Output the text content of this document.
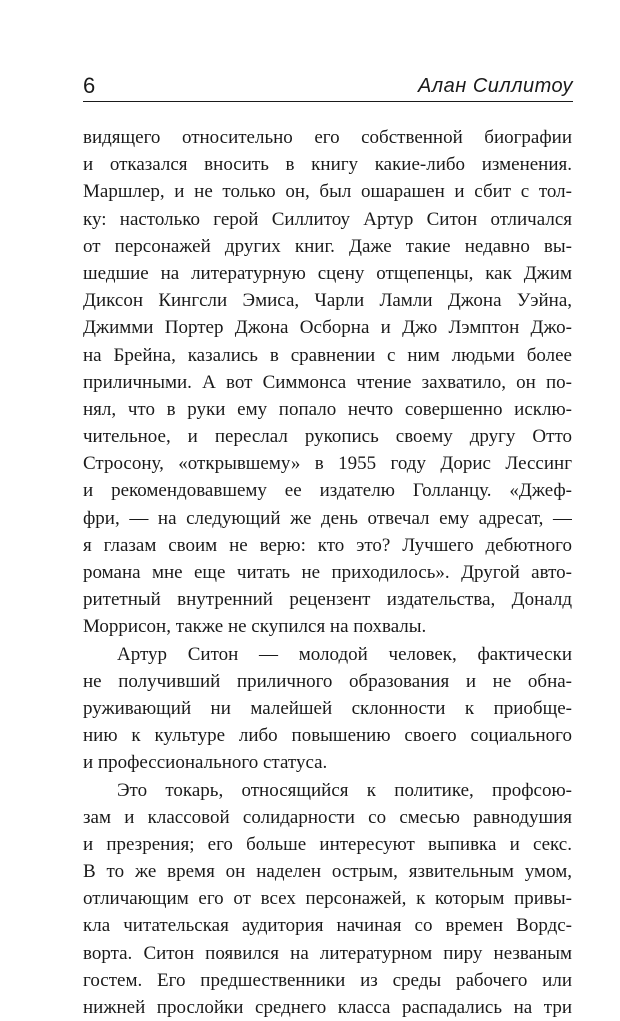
6	Алан Силлитоу
видящего относительно его собственной биографии
и отказался вносить в книгу какие-либо изменения.
Маршлер, и не только он, был ошарашен и сбит с тол-
ку: настолько герой Силлитоу Артур Ситон отличался
от персонажей других книг. Даже такие недавно вы-
шедшие на литературную сцену отщепенцы, как Джим
Диксон Кингсли Эмиса, Чарли Ламли Джона Уэйна,
Джимми Портер Джона Осборна и Джо Лэмптон Джо-
на Брейна, казались в сравнении с ним людьми более
приличными. А вот Симмонса чтение захватило, он по-
нял, что в руки ему попало нечто совершенно исклю-
чительное, и переслал рукопись своему другу Отто
Стросону, «открывшему» в 1955 году Дорис Лессинг
и рекомендовавшему ее издателю Голланцу. «Джеф-
фри, — на следующий же день отвечал ему адресат, —
я глазам своим не верю: кто это? Лучшего дебютного
романа мне еще читать не приходилось». Другой авто-
ритетный внутренний рецензент издательства, Доналд
Моррисон, также не скупился на похвалы.
Артур Ситон — молодой человек, фактически
не получивший приличного образования и не обна-
руживающий ни малейшей склонности к приобще-
нию к культуре либо повышению своего социального
и профессионального статуса.
Это токарь, относящийся к политике, профсою-
зам и классовой солидарности со смесью равнодушия
и презрения; его больше интересуют выпивка и секс.
В то же время он наделен острым, язвительным умом,
отличающим его от всех персонажей, к которым привы-
кла читательская аудитория начиная со времен Вордс-
ворта. Ситон появился на литературном пиру незваным
гостем. Его предшественники из среды рабочего или
нижней прослойки среднего класса распадались на три
